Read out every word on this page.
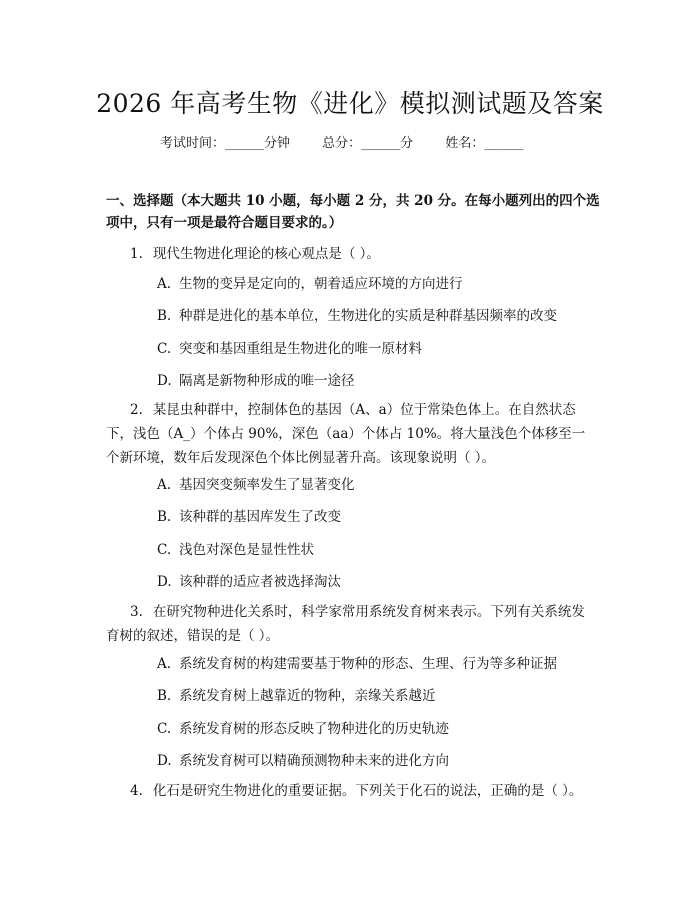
2026 年高考生物《进化》模拟测试题及答案
考试时间：______分钟 总分：______分 姓名：______
一、选择题（本大题共 10 小题，每小题 2 分，共 20 分。在每小题列出的四个选项中，只有一项是最符合题目要求的。）
1. 现代生物进化理论的核心观点是（ ）。
A. 生物的变异是定向的，朝着适应环境的方向进行
B. 种群是进化的基本单位，生物进化的实质是种群基因频率的改变
C. 突变和基因重组是生物进化的唯一原材料
D. 隔离是新物种形成的唯一途径
2. 某昆虫种群中，控制体色的基因（A、a）位于常染色体上。在自然状态下，浅色（A_）个体占 90%，深色（aa）个体占 10%。将大量浅色个体移至一个新环境，数年后发现深色个体比例显著升高。该现象说明（ ）。
A. 基因突变频率发生了显著变化
B. 该种群的基因库发生了改变
C. 浅色对深色是显性性状
D. 该种群的适应者被选择淘汰
3. 在研究物种进化关系时，科学家常用系统发育树来表示。下列有关系统发育树的叙述，错误的是（ ）。
A. 系统发育树的构建需要基于物种的形态、生理、行为等多种证据
B. 系统发育树上越靠近的物种，亲缘关系越近
C. 系统发育树的形态反映了物种进化的历史轨迹
D. 系统发育树可以精确预测物种未来的进化方向
4. 化石是研究生物进化的重要证据。下列关于化石的说法，正确的是（ ）。
